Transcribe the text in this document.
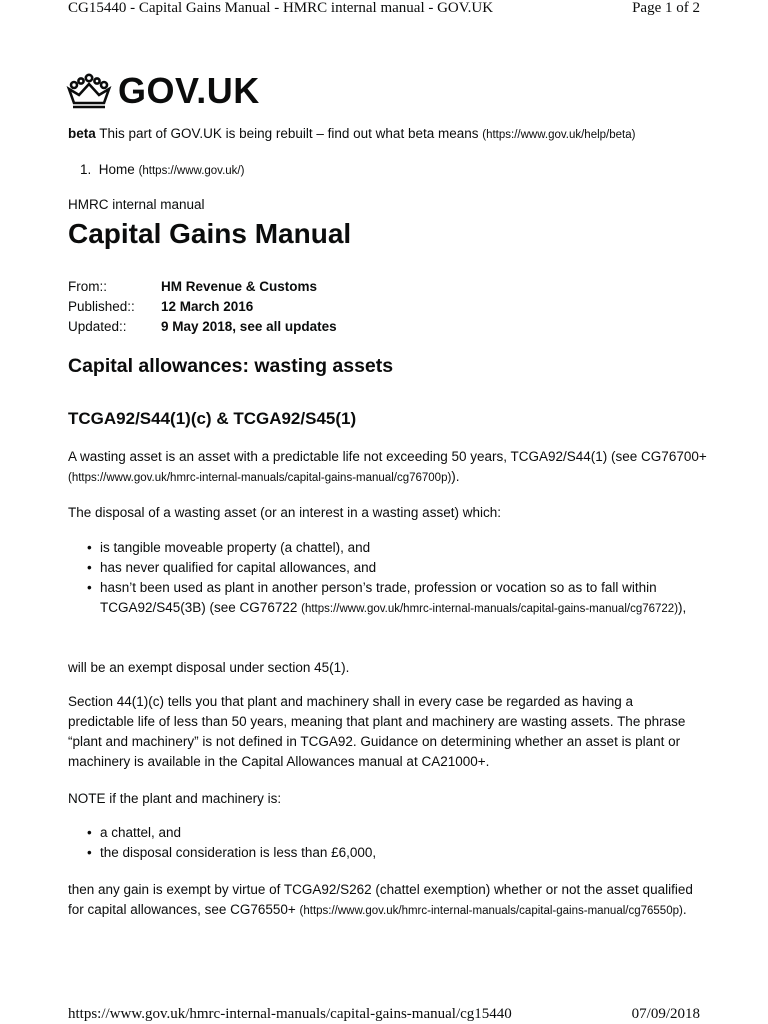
CG15440 - Capital Gains Manual - HMRC internal manual - GOV.UK	Page 1 of 2
GOV.UK
beta This part of GOV.UK is being rebuilt – find out what beta means (https://www.gov.uk/help/beta)
1. Home (https://www.gov.uk/)
HMRC internal manual
Capital Gains Manual
From::	HM Revenue & Customs
Published::	12 March 2016
Updated::	9 May 2018, see all updates
Capital allowances: wasting assets
TCGA92/S44(1)(c) & TCGA92/S45(1)
A wasting asset is an asset with a predictable life not exceeding 50 years, TCGA92/S44(1) (see CG76700+ (https://www.gov.uk/hmrc-internal-manuals/capital-gains-manual/cg76700p)).
The disposal of a wasting asset (or an interest in a wasting asset) which:
• is tangible moveable property (a chattel), and
• has never qualified for capital allowances, and
• hasn’t been used as plant in another person’s trade, profession or vocation so as to fall within TCGA92/S45(3B) (see CG76722 (https://www.gov.uk/hmrc-internal-manuals/capital-gains-manual/cg76722)),
will be an exempt disposal under section 45(1).
Section 44(1)(c) tells you that plant and machinery shall in every case be regarded as having a predictable life of less than 50 years, meaning that plant and machinery are wasting assets. The phrase “plant and machinery” is not defined in TCGA92. Guidance on determining whether an asset is plant or machinery is available in the Capital Allowances manual at CA21000+.
NOTE if the plant and machinery is:
• a chattel, and
• the disposal consideration is less than £6,000,
then any gain is exempt by virtue of TCGA92/S262 (chattel exemption) whether or not the asset qualified for capital allowances, see CG76550+ (https://www.gov.uk/hmrc-internal-manuals/capital-gains-manual/cg76550p).
https://www.gov.uk/hmrc-internal-manuals/capital-gains-manual/cg15440	07/09/2018
